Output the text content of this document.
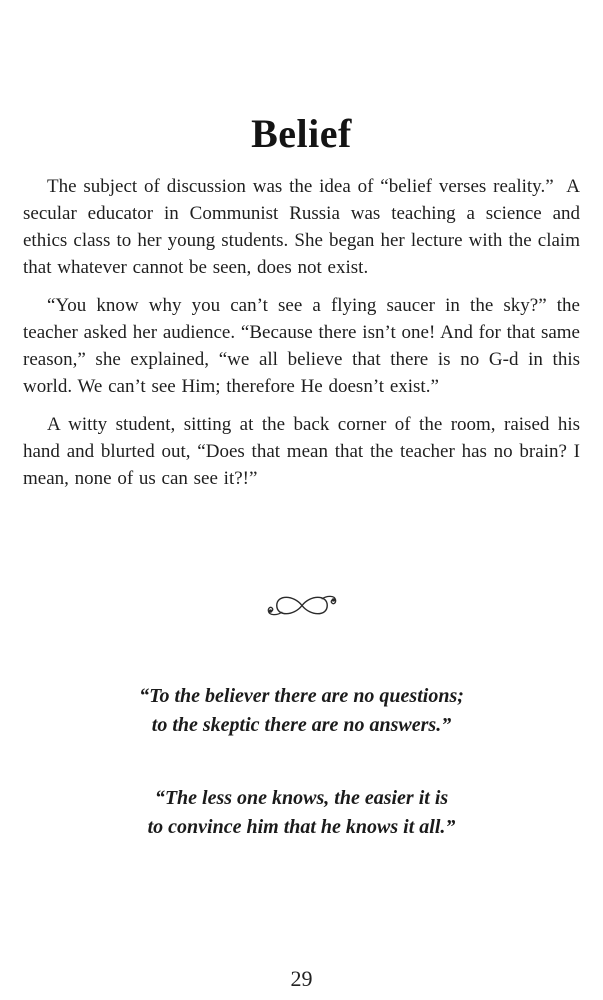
Belief

The subject of discussion was the idea of “belief verses reality.”  A secular educator in Communist Russia was teaching a science and ethics class to her young students. She began her lecture with the claim that whatever cannot be seen, does not exist.

“You know why you can’t see a flying saucer in the sky?” the teacher asked her audience. “Because there isn’t one! And for that same reason,” she explained, “we all believe that there is no G-d in this world. We can’t see Him; therefore He doesn’t exist.”

A witty student, sitting at the back corner of the room, raised his hand and blurted out, “Does that mean that the teacher has no brain? I mean, none of us can see it?!”

“To the believer there are no questions;
to the skeptic there are no answers.”
“The less one knows, the easier it is
to convince him that he knows it all.”
29
